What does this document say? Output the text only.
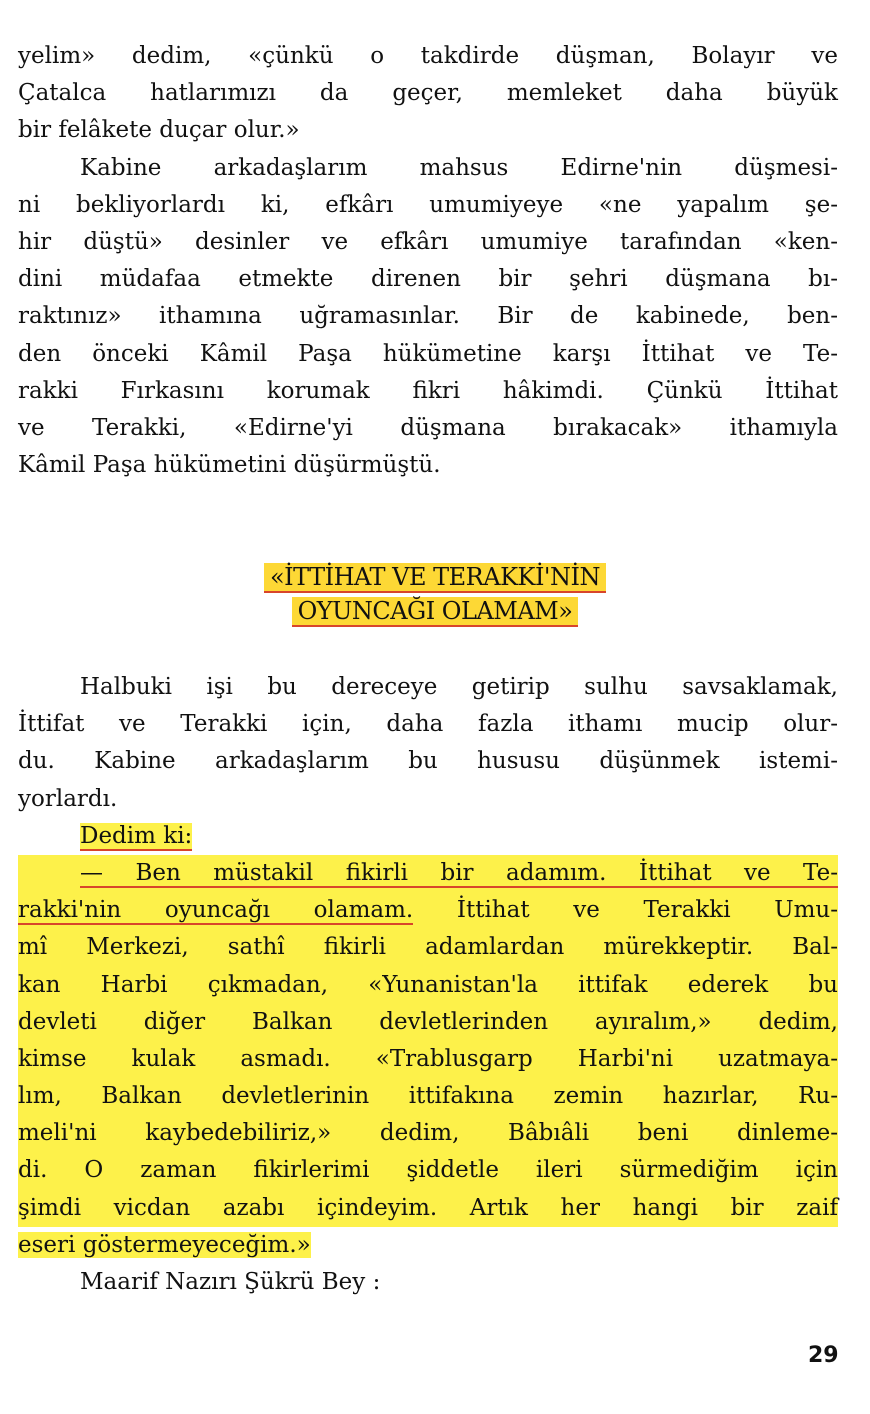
yelim» dedim, «çünkü o takdirde düşman, Bolayır ve
Çatalca hatlarımızı da geçer, memleket daha büyük
bir felâkete duçar olur.»
Kabine arkadaşlarım mahsus Edirne'nin düşmesi-
ni bekliyorlardı ki, efkârı umumiyeye «ne yapalım şe-
hir düştü» desinler ve efkârı umumiye tarafından «ken-
dini müdafaa etmekte direnen bir şehri düşmana bı-
raktınız» ithamına uğramasınlar. Bir de kabinede, ben-
den önceki Kâmil Paşa hükümetine karşı İttihat ve Te-
rakki Fırkasını korumak fikri hâkimdi. Çünkü İttihat
ve Terakki, «Edirne'yi düşmana bırakacak» ithamıyla
Kâmil Paşa hükümetini düşürmüştü.
«İTTİHAT VE TERAKKİ'NİN
OYUNCAĞI OLAMAM»
Halbuki işi bu dereceye getirip sulhu savsaklamak,
İttifat ve Terakki için, daha fazla ithamı mucip olur-
du. Kabine arkadaşlarım bu hususu düşünmek istemi-
yorlardı.
Dedim ki:
— Ben müstakil fikirli bir adamım. İttihat ve Te-
rakki'nin oyuncağı olamam. İttihat ve Terakki Umu-
mî Merkezi, sathî fikirli adamlardan mürekkeptir. Bal-
kan Harbi çıkmadan, «Yunanistan'la ittifak ederek bu
devleti diğer Balkan devletlerinden ayıralım,» dedim,
kimse kulak asmadı. «Trablusgarp Harbi'ni uzatmaya-
lım, Balkan devletlerinin ittifakına zemin hazırlar, Ru-
meli'ni kaybedebiliriz,» dedim, Bâbıâli beni dinleme-
di. O zaman fikirlerimi şiddetle ileri sürmediğim için
şimdi vicdan azabı içindeyim. Artık her hangi bir zaif
eseri göstermeyeceğim.»
Maarif Nazırı Şükrü Bey :
29
